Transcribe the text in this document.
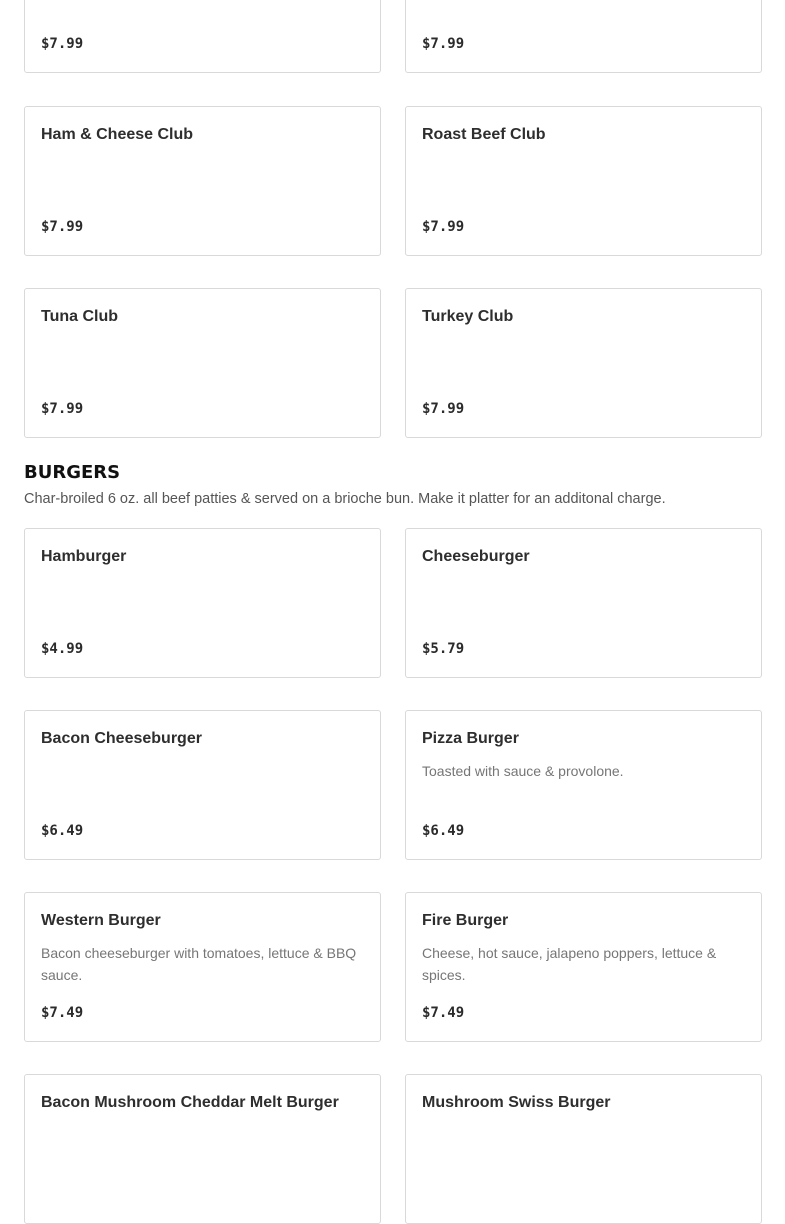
$7.99	$7.99
Ham & Cheese Club
$7.99
Roast Beef Club
$7.99
Tuna Club
$7.99
Turkey Club
$7.99
BURGERS
Char-broiled 6 oz. all beef patties & served on a brioche bun. Make it platter for an additonal charge.
Hamburger
$4.99
Cheeseburger
$5.79
Bacon Cheeseburger
$6.49
Pizza Burger
Toasted with sauce & provolone.
$6.49
Western Burger
Bacon cheeseburger with tomatoes, lettuce & BBQ sauce.
$7.49
Fire Burger
Cheese, hot sauce, jalapeno poppers, lettuce & spices.
$7.49
Bacon Mushroom Cheddar Melt Burger	Mushroom Swiss Burger
